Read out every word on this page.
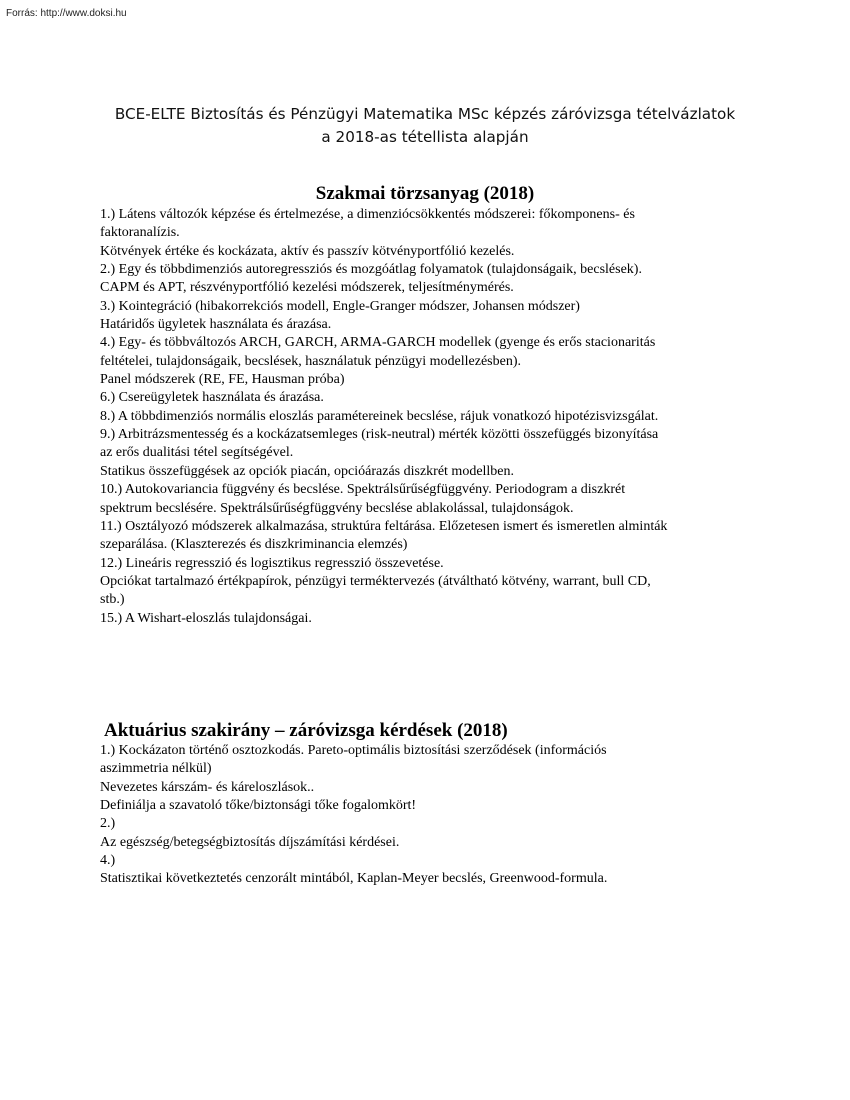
Forrás: http://www.doksi.hu
BCE-ELTE Biztosítás és Pénzügyi Matematika MSc képzés záróvizsga tételvázlatok
a 2018-as tétellista alapján
Szakmai törzsanyag (2018)
1.) Látens változók képzése és értelmezése, a dimenziócsökkentés módszerei: főkomponens- és
faktoranalízis.
Kötvények értéke és kockázata, aktív és passzív kötvényportfólió kezelés.
2.) Egy és többdimenziós autoregressziós és mozgóátlag folyamatok (tulajdonságaik, becslések).
CAPM és APT, részvényportfólió kezelési módszerek, teljesítménymérés.
3.) Kointegráció (hibakorrekciós modell, Engle-Granger módszer, Johansen módszer)
Határidős ügyletek használata és árazása.
4.) Egy- és többváltozós ARCH, GARCH, ARMA-GARCH modellek (gyenge és erős stacionaritás
feltételei, tulajdonságaik, becslések, használatuk pénzügyi modellezésben).
Panel módszerek (RE, FE, Hausman próba)
6.) Csereügyletek használata és árazása.
8.) A többdimenziós normális eloszlás paramétereinek becslése, rájuk vonatkozó hipotézisvizsgálat.
9.) Arbitrázsmentesség és a kockázatsemleges (risk-neutral) mérték közötti összefüggés bizonyítása
az erős dualitási tétel segítségével.
Statikus összefüggések az opciók piacán, opcióárazás diszkrét modellben.
10.) Autokovariancia függvény és becslése. Spektrálsűrűségfüggvény. Periodogram a diszkrét
spektrum becslésére. Spektrálsűrűségfüggvény becslése ablakolással, tulajdonságok.
11.) Osztályozó módszerek alkalmazása, struktúra feltárása. Előzetesen ismert és ismeretlen alminták
szeparálása. (Klaszterezés és diszkriminancia elemzés)
12.) Lineáris regresszió és logisztikus regresszió összevetése.
Opciókat tartalmazó értékpapírok, pénzügyi terméktervezés (átváltható kötvény, warrant, bull CD,
stb.)
15.) A Wishart-eloszlás tulajdonságai.
Aktuárius szakirány – záróvizsga kérdések (2018)
1.) Kockázaton történő osztozkodás. Pareto-optimális biztosítási szerződések (információs
aszimmetria nélkül)
Nevezetes kárszám- és káreloszlások..
Definiálja a szavatoló tőke/biztonsági tőke fogalomkört!
2.)
Az egészség/betegségbiztosítás díjszámítási kérdései.
4.)
Statisztikai következtetés cenzorált mintából, Kaplan-Meyer becslés, Greenwood-formula.
